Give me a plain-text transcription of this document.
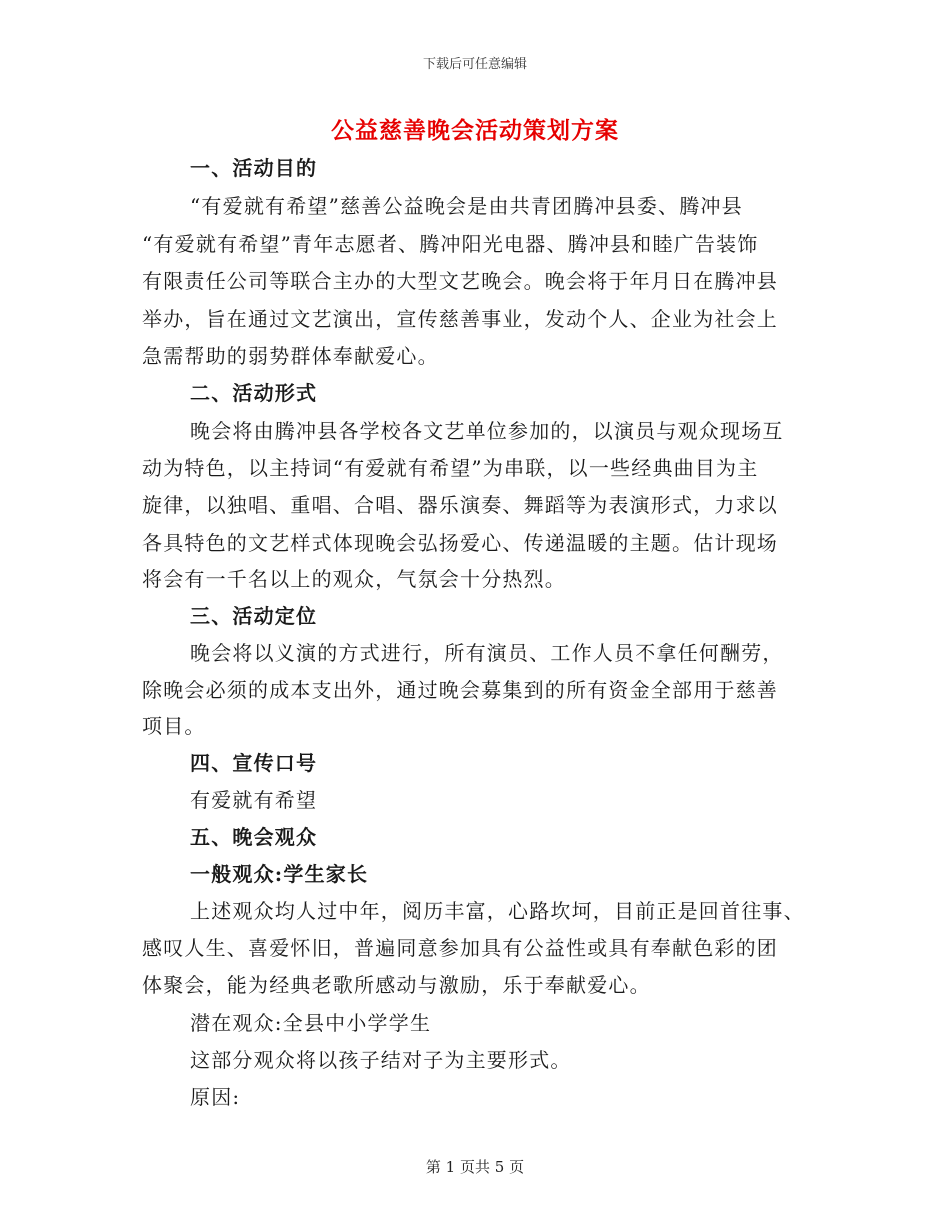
下载后可任意编辑
公益慈善晚会活动策划方案
一、活动目的
“有爱就有希望”慈善公益晚会是由共青团腾冲县委、腾冲县
“有爱就有希望”青年志愿者、腾冲阳光电器、腾冲县和睦广告装饰
有限责任公司等联合主办的大型文艺晚会。晚会将于年月日在腾冲县
举办，旨在通过文艺演出，宣传慈善事业，发动个人、企业为社会上
急需帮助的弱势群体奉献爱心。
二、活动形式
晚会将由腾冲县各学校各文艺单位参加的，以演员与观众现场互
动为特色，以主持词“有爱就有希望”为串联，以一些经典曲目为主
旋律，以独唱、重唱、合唱、器乐演奏、舞蹈等为表演形式，力求以
各具特色的文艺样式体现晚会弘扬爱心、传递温暖的主题。估计现场
将会有一千名以上的观众，气氛会十分热烈。
三、活动定位
晚会将以义演的方式进行，所有演员、工作人员不拿任何酬劳，
除晚会必须的成本支出外，通过晚会募集到的所有资金全部用于慈善
项目。
四、宣传口号
有爱就有希望
五、晚会观众
一般观众:学生家长
上述观众均人过中年，阅历丰富，心路坎坷，目前正是回首往事、
感叹人生、喜爱怀旧，普遍同意参加具有公益性或具有奉献色彩的团
体聚会，能为经典老歌所感动与激励，乐于奉献爱心。
潜在观众:全县中小学学生
这部分观众将以孩子结对子为主要形式。
原因:
第 1 页共 5 页
